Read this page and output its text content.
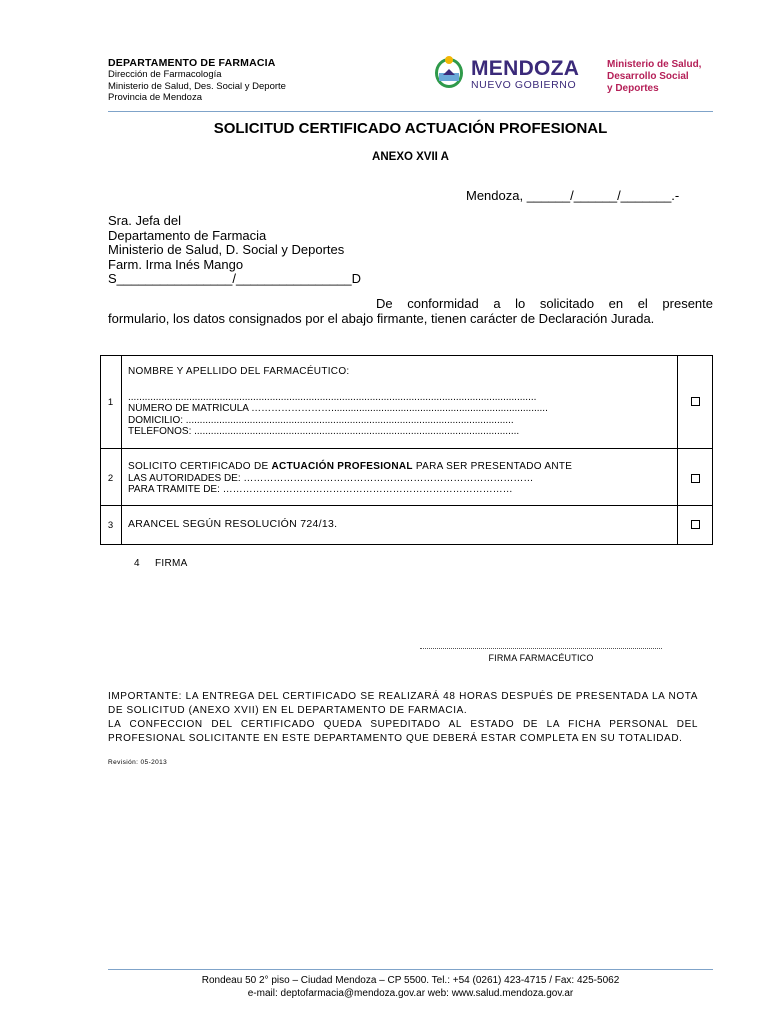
DEPARTAMENTO DE FARMACIA
Dirección de Farmacología
Ministerio de Salud, Des. Social y Deporte
Provincia de Mendoza
MENDOZA
NUEVO GOBIERNO
Ministerio de Salud,
Desarrollo Social
y Deportes
SOLICITUD CERTIFICADO ACTUACIÓN PROFESIONAL
ANEXO XVII A
Mendoza, ______/______/_______.-
Sra. Jefa del
Departamento de Farmacia
Ministerio de Salud, D. Social y Deportes
Farm. Irma Inés Mango
S________________/________________D
De conformidad a lo solicitado en el presente
formulario, los datos consignados por el abajo firmante, tienen carácter de Declaración Jurada.
1
NOMBRE Y APELLIDO DEL FARMACÉUTICO:
...................................................................................................................................................
NÚMERO DE MATRÍCULA ……………………..............................................................................
DOMICILIO: ......................................................................................................................
TELÉFONOS: .....................................................................................................................
2
SOLICITO CERTIFICADO DE ACTUACIÓN PROFESIONAL PARA SER PRESENTADO ANTE
LAS AUTORIDADES DE: ……………………………………………………………………………
PARA TRÁMITE DE: ……………………………………………………………………………
3	ARANCEL SEGÚN RESOLUCIÓN 724/13.
4 FIRMA
FIRMA FARMACÉUTICO
IMPORTANTE: LA ENTREGA DEL CERTIFICADO SE REALIZARÁ 48 HORAS DESPUÉS DE PRESENTADA LA NOTA DE SOLICITUD (ANEXO XVII) EN EL DEPARTAMENTO DE FARMACIA.
LA CONFECCION DEL CERTIFICADO QUEDA SUPEDITADO AL ESTADO DE LA FICHA PERSONAL DEL PROFESIONAL SOLICITANTE EN ESTE DEPARTAMENTO QUE DEBERÁ ESTAR COMPLETA EN SU TOTALIDAD.
Revisión: 05-2013
Rondeau 50 2° piso – Ciudad Mendoza – CP 5500. Tel.: +54 (0261) 423-4715 / Fax: 425-5062
e-mail: deptofarmacia@mendoza.gov.ar web: www.salud.mendoza.gov.ar
